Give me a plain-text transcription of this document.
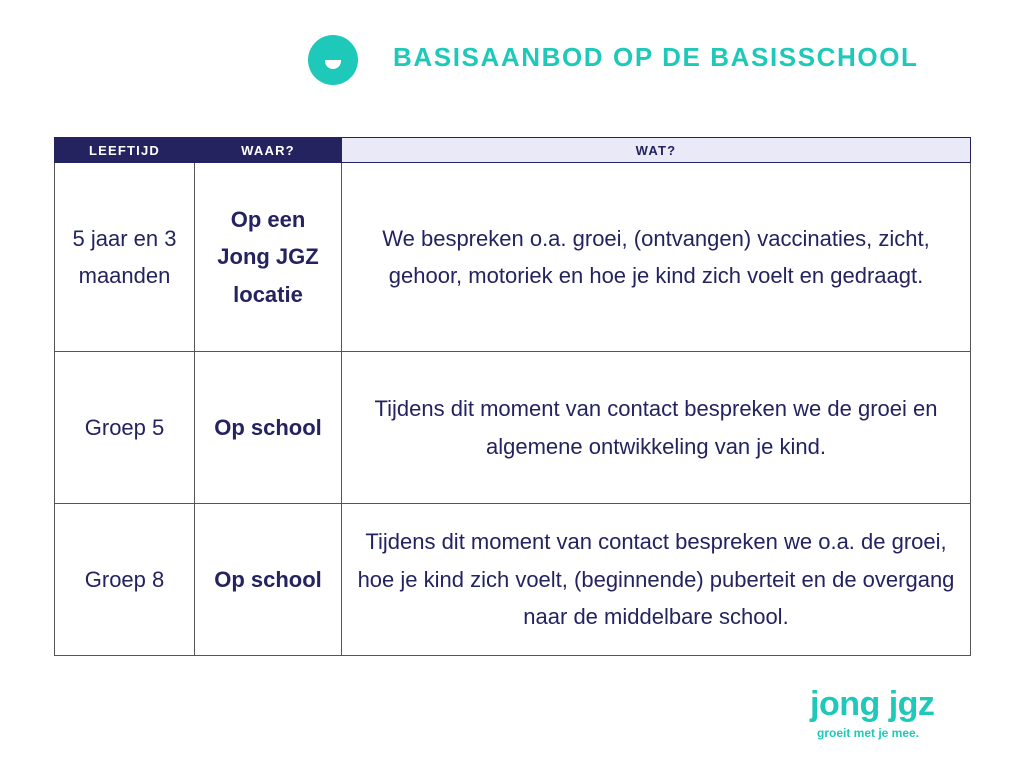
BASISAANBOD OP DE BASISSCHOOL
LEEFTIJD	WAAR?	WAT?
5 jaar en 3 maanden	Op een Jong JGZ locatie	We bespreken o.a. groei, (ontvangen) vaccinaties, zicht, gehoor, motoriek en hoe je kind zich voelt en gedraagt.
Groep 5	Op school	Tijdens dit moment van contact bespreken we de groei en algemene ontwikkeling van je kind.
Groep 8	Op school	Tijdens dit moment van contact bespreken we o.a. de groei, hoe je kind zich voelt, (beginnende) puberteit en de overgang naar de middelbare school.
jong jgz
groeit met je mee.
